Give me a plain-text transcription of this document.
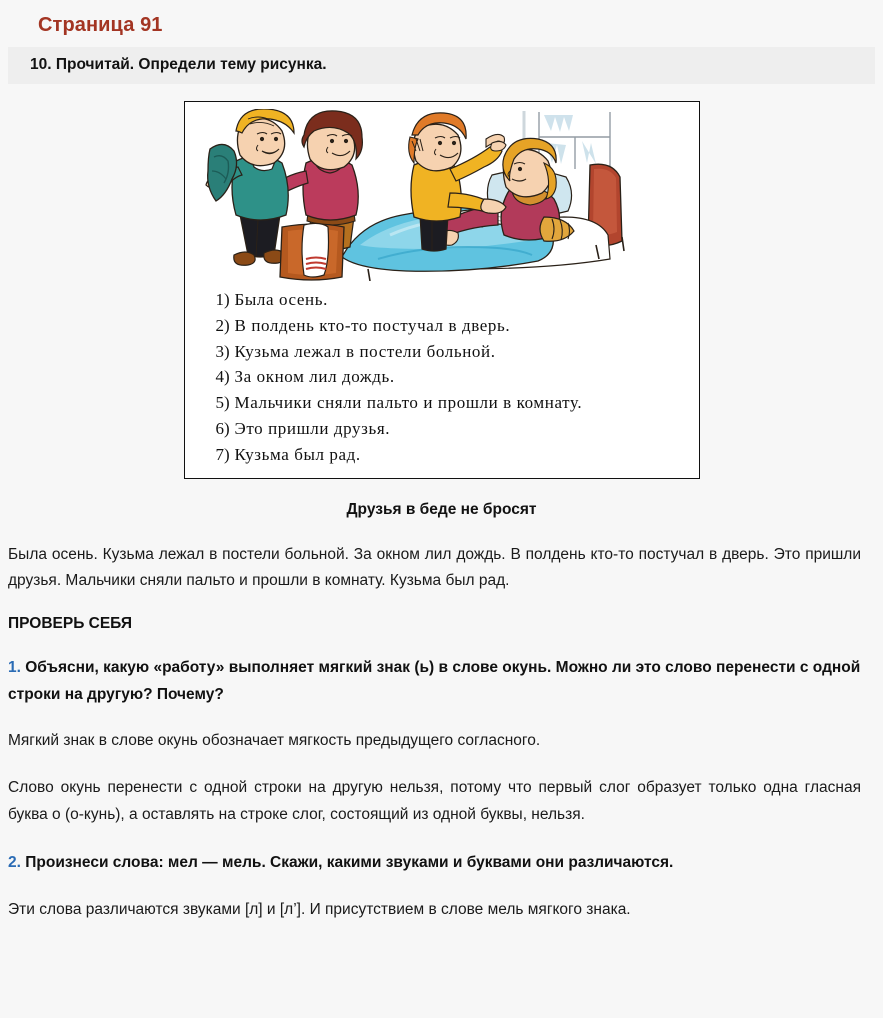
Страница 91
10. Прочитай. Определи тему рисунка.
1) Была осень.
2) В полдень кто-то постучал в дверь.
3) Кузьма лежал в постели больной.
4) За окном лил дождь.
5) Мальчики сняли пальто и прошли в комнату.
6) Это пришли друзья.
7) Кузьма был рад.
Друзья в беде не бросят

Была осень. Кузьма лежал в постели больной. За окном лил дождь. В полдень кто-то постучал в дверь. Это пришли друзья. Мальчики сняли пальто и прошли в комнату. Кузьма был рад.

ПРОВЕРЬ СЕБЯ

1. Объясни, какую «работу» выполняет мягкий знак (ь) в слове окунь. Можно ли это слово перенести с одной строки на другую? Почему?

Мягкий знак в слове окунь обозначает мягкость предыдущего согласного.

Слово окунь перенести с одной строки на другую нельзя, потому что первый слог образует только одна гласная буква о (о-кунь), а оставлять на строке слог, состоящий из одной буквы, нельзя.

2. Произнеси слова: мел — мель. Скажи, какими звуками и буквами они различаются.

Эти слова различаются звуками [л] и [л’]. И присутствием в слове мель мягкого знака.
